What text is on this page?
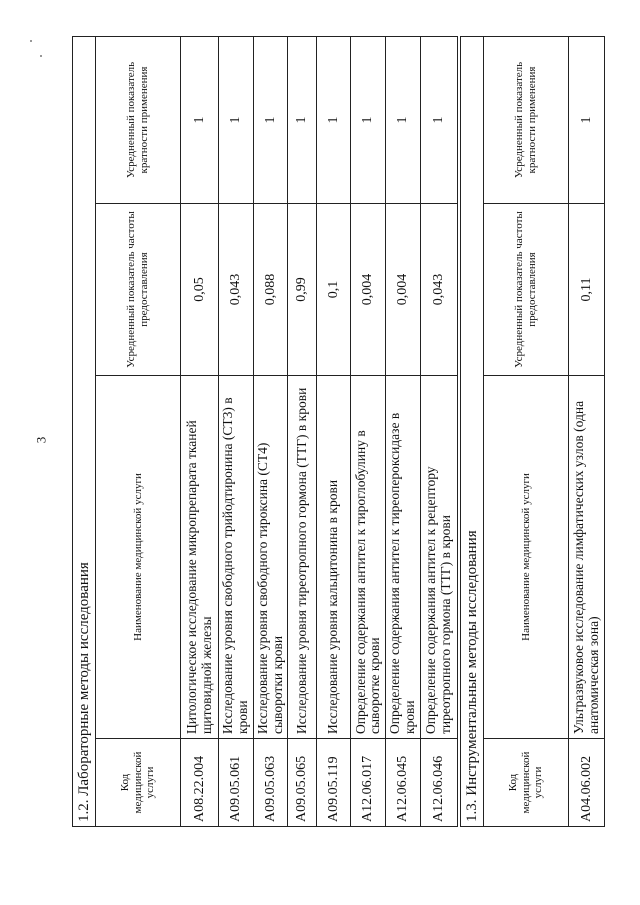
3
1.2. Лабораторные методы исследования			
Код медицинской услуги	Наименование медицинской услуги	Усредненный показатель частоты предоставления	Усредненный показатель кратности применения
A08.22.004	Цитологическое исследование микропрепарата тканей щитовидной железы	0,05	1
A09.05.061	Исследование уровня свободного трийодтиронина (СТ3) в крови	0,043	1
A09.05.063	Исследование уровня свободного тироксина (СТ4) сыворотки крови	0,088	1
A09.05.065	Исследование уровня тиреотропного гормона (ТТГ) в крови	0,99	1
A09.05.119	Исследование уровня кальцитонина в крови	0,1	1
A12.06.017	Определение содержания антител к тироглобулину в сыворотке крови	0,004	1
A12.06.045	Определение содержания антител к тиреопероксидазе в крови	0,004	1
A12.06.046	Определение содержания антител к рецептору тиреотропного гормона (ТТГ) в крови	0,043	1
1.3. Инструментальные методы исследования			
Код медицинской услуги	Наименование медицинской услуги	Усредненный показатель частоты предоставления	Усредненный показатель кратности применения
A04.06.002	Ультразвуковое исследование лимфатических узлов (одна анатомическая зона)	0,11	1
